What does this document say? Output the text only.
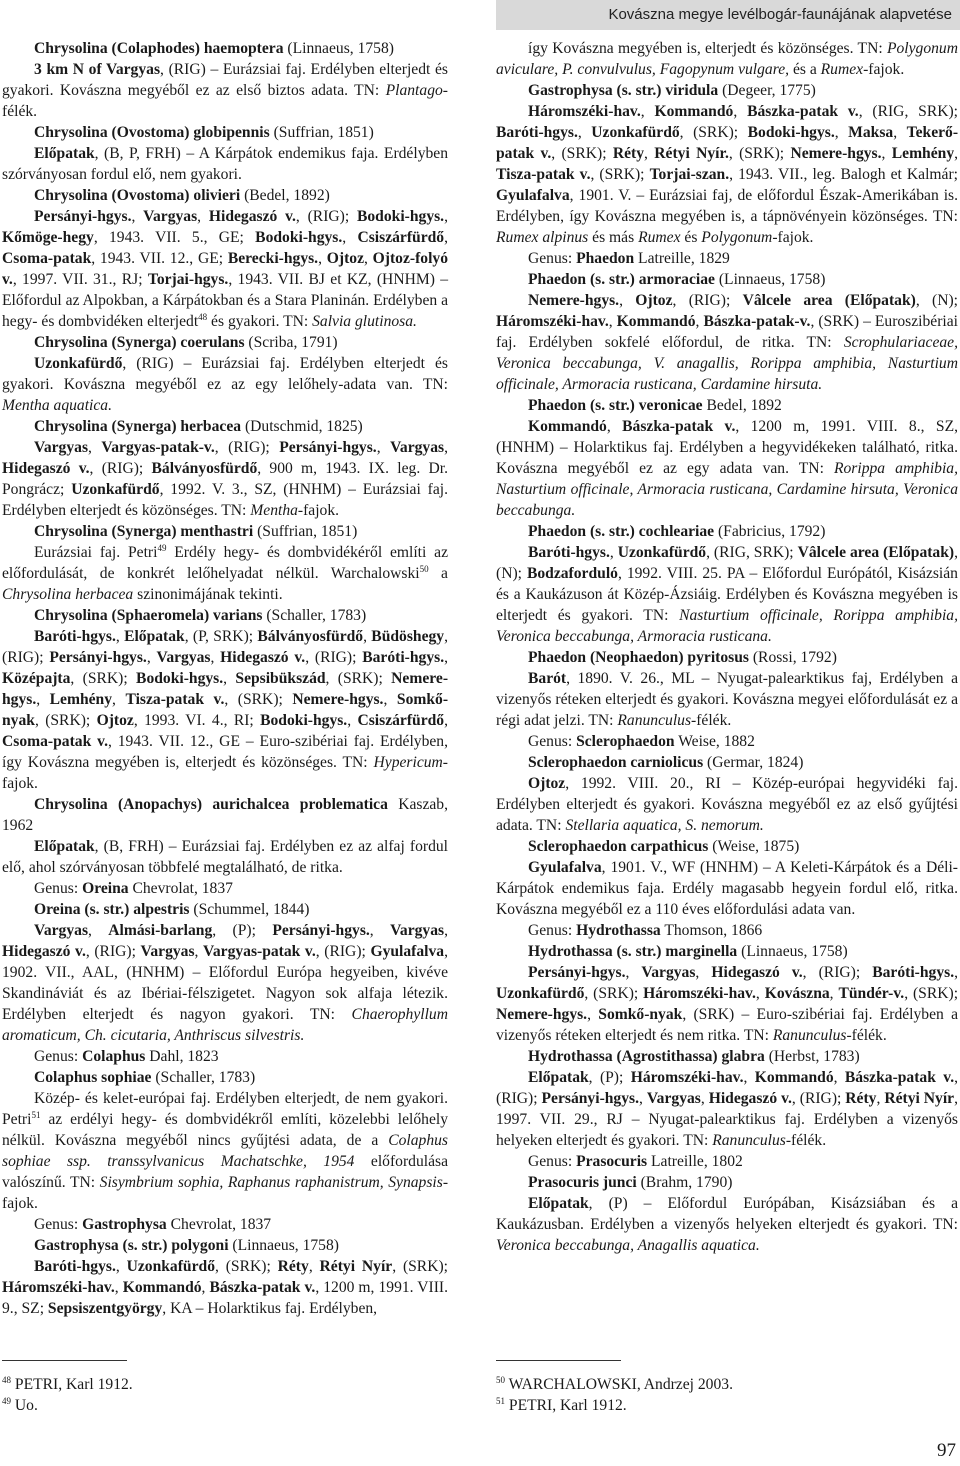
Kovászna megye levélbogár-faunájának alapvetése

Chrysolina (Colaphodes) haemoptera (Linnaeus, 1758)

3 km N of Vargyas, (RIG) – Eurázsiai faj. Erdélyben elterjedt és gyakori. Kovászna megyéből ez az első biztos adata. TN: Plantago-félék.

Chrysolina (Ovostoma) globipennis (Suffrian, 1851)

Előpatak, (B, P, FRH) – A Kárpátok endemikus faja. Erdélyben szórványosan fordul elő, nem gyakori.

Chrysolina (Ovostoma) olivieri (Bedel, 1892)

Persányi-hgys., Vargyas, Hidegaszó v., (RIG); Bodoki-hgys., Kőmöge-hegy, 1943. VII. 5., GE; Bodoki-hgys., Csiszárfürdő, Csoma-patak, 1943. VII. 12., GE; Berecki-hgys., Ojtoz, Ojtoz-folyó v., 1997. VII. 31., RJ; Torjai-hgys., 1943. VII. BJ et KZ, (HNHM) – Előfordul az Alpokban, a Kárpátokban és a Stara Planinán. Erdélyben a hegy- és dombvidéken elterjedt$^{48}$ és gyakori. TN: Salvia glutinosa.

Chrysolina (Synerga) coerulans (Scriba, 1791)

Uzonkafürdő, (RIG) – Eurázsiai faj. Erdélyben elterjedt és gyakori. Kovászna megyéből ez az egy lelőhely-adata van. TN: Mentha aquatica.

Chrysolina (Synerga) herbacea (Dutschmid, 1825)

Vargyas, Vargyas-patak-v., (RIG); Persányi-hgys., Vargyas, Hidegaszó v., (RIG); Bálványosfürdő, 900 m, 1943. IX. leg. Dr. Pongrácz; Uzonkafürdő, 1992. V. 3., SZ, (HNHM) – Eurázsiai faj. Erdélyben elterjedt és közönséges. TN: Mentha-fajok.

Chrysolina (Synerga) menthastri (Suffrian, 1851)

Eurázsiai faj. Petri$^{49}$ Erdély hegy- és dombvidékéről említi az előfordulását, de konkrét lelőhelyadat nélkül. Warchalowski$^{50}$ a Chrysolina herbacea szinonimájának tekinti.

Chrysolina (Sphaeromela) varians (Schaller, 1783)

Baróti-hgys., Előpatak, (P, SRK); Bálványosfürdő, Büdöshegy, (RIG); Persányi-hgys., Vargyas, Hidegaszó v., (RIG); Baróti-hgys., Középajta, (SRK); Bodoki-hgys., Sepsibükszád, (SRK); Nemere-hgys., Lemhény, Tisza-patak v., (SRK); Nemere-hgys., Somkő-nyak, (SRK); Ojtoz, 1993. VI. 4., RI; Bodoki-hgys., Csiszárfürdő, Csoma-patak v., 1943. VII. 12., GE – Euro-szibériai faj. Erdélyben, így Kovászna megyében is, elterjedt és közönséges. TN: Hypericum-fajok.

Chrysolina (Anopachys) aurichalcea problematica Kaszab, 1962

Előpatak, (B, FRH) – Eurázsiai faj. Erdélyben ez az alfaj fordul elő, ahol szórványosan többfelé megtalálható, de ritka.

Genus: Oreina Chevrolat, 1837

Oreina (s. str.) alpestris (Schummel, 1844)

Vargyas, Almási-barlang, (P); Persányi-hgys., Vargyas, Hidegaszó v., (RIG); Vargyas, Vargyas-patak v., (RIG); Gyulafalva, 1902. VII., AAL, (HNHM) – Előfordul Európa hegyeiben, kivéve Skandináviát és az Ibériai-félszigetet. Nagyon sok alfaja létezik. Erdélyben elterjedt és nagyon gyakori. TN: Chaerophyllum aromaticum, Ch. cicutaria, Anthriscus silvestris.

Genus: Colaphus Dahl, 1823

Colaphus sophiae (Schaller, 1783)

Közép- és kelet-európai faj. Erdélyben elterjedt, de nem gyakori. Petri$^{51}$ az erdélyi hegy- és dombvidékről említi, közelebbi lelőhely nélkül. Kovászna megyéből nincs gyűjtési adata, de a Colaphus sophiae ssp. transsylvanicus Machatschke, 1954 előfordulása valószínű. TN: Sisymbrium sophia, Raphanus raphanistrum, Synapsis-fajok.

Genus: Gastrophysa Chevrolat, 1837

Gastrophysa (s. str.) polygoni (Linnaeus, 1758)

Baróti-hgys., Uzonkafürdő, (SRK); Réty, Rétyi Nyír, (SRK); Háromszéki-hav., Kommandó, Bászka-patak v., 1200 m, 1991. VIII. 9., SZ; Sepsiszentgyörgy, KA – Holarktikus faj. Erdélyben,

így Kovászna megyében is, elterjedt és közönséges. TN: Polygonum aviculare, P. convulvulus, Fagopynum vulgare, és a Rumex-fajok.

Gastrophysa (s. str.) viridula (Degeer, 1775)

Háromszéki-hav., Kommandó, Bászka-patak v., (RIG, SRK); Baróti-hgys., Uzonkafürdő, (SRK); Bodoki-hgys., Maksa, Tekerő-patak v., (SRK); Réty, Rétyi Nyír., (SRK); Nemere-hgys., Lemhény, Tisza-patak v., (SRK); Torjai-szan., 1943. VII., leg. Balogh et Kalmár; Gyulafalva, 1901. V. – Eurázsiai faj, de előfordul Észak-Amerikában is. Erdélyben, így Kovászna megyében is, a tápnövényein közönséges. TN: Rumex alpinus és más Rumex és Polygonum-fajok.

Genus: Phaedon Latreille, 1829

Phaedon (s. str.) armoraciae (Linnaeus, 1758)

Nemere-hgys., Ojtoz, (RIG); Vâlcele area (Előpatak), (N); Háromszéki-hav., Kommandó, Bászka-patak-v., (SRK) – Euroszibériai faj. Erdélyben sokfelé előfordul, de ritka. TN: Scrophulariaceae, Veronica beccabunga, V. anagallis, Rorippa amphibia, Nasturtium officinale, Armoracia rusticana, Cardamine hirsuta.

Phaedon (s. str.) veronicae Bedel, 1892

Kommandó, Bászka-patak v., 1200 m, 1991. VIII. 8., SZ, (HNHM) – Holarktikus faj. Erdélyben a hegyvidékeken található, ritka. Kovászna megyéből ez az egy adata van. TN: Rorippa amphibia, Nasturtium officinale, Armoracia rusticana, Cardamine hirsuta, Veronica beccabunga.

Phaedon (s. str.) cochleariae (Fabricius, 1792)

Baróti-hgys., Uzonkafürdő, (RIG, SRK); Vâlcele area (Előpatak), (N); Bodzaforduló, 1992. VIII. 25. PA – Előfordul Európától, Kisázsián és a Kaukázuson át Közép-Ázsiáig. Erdélyben és Kovászna megyében is elterjedt és gyakori. TN: Nasturtium officinale, Rorippa amphibia, Veronica beccabunga, Armoracia rusticana.

Phaedon (Neophaedon) pyritosus (Rossi, 1792)

Barót, 1890. V. 26., ML – Nyugat-palearktikus faj, Erdélyben a vizenyős réteken elterjedt és gyakori. Kovászna megyei előfordulását ez a régi adat jelzi. TN: Ranunculus-félék.

Genus: Sclerophaedon Weise, 1882

Sclerophaedon carniolicus (Germar, 1824)

Ojtoz, 1992. VIII. 20., RI – Közép-európai hegyvidéki faj. Erdélyben elterjedt és gyakori. Kovászna megyéből ez az első gyűjtési adata. TN: Stellaria aquatica, S. nemorum.

Sclerophaedon carpathicus (Weise, 1875)

Gyulafalva, 1901. V., WF (HNHM) – A Keleti-Kárpátok és a Déli-Kárpátok endemikus faja. Erdély magasabb hegyein fordul elő, ritka. Kovászna megyéből ez a 110 éves előfordulási adata van.

Genus: Hydrothassa Thomson, 1866

Hydrothassa (s. str.) marginella (Linnaeus, 1758)

Persányi-hgys., Vargyas, Hidegaszó v., (RIG); Baróti-hgys., Uzonkafürdő, (SRK); Háromszéki-hav., Kovászna, Tündér-v., (SRK); Nemere-hgys., Somkő-nyak, (SRK) – Euro-szibériai faj. Erdélyben a vizenyős réteken elterjedt és nem ritka. TN: Ranunculus-félék.

Hydrothassa (Agrostithassa) glabra (Herbst, 1783)

Előpatak, (P); Háromszéki-hav., Kommandó, Bászka-patak v., (RIG); Persányi-hgys., Vargyas, Hidegaszó v., (RIG); Réty, Rétyi Nyír, 1997. VII. 29., RJ – Nyugat-palearktikus faj. Erdélyben a vizenyős helyeken elterjedt és gyakori. TN: Ranunculus-félék.

Genus: Prasocuris Latreille, 1802

Prasocuris junci (Brahm, 1790)

Előpatak, (P) – Előfordul Európában, Kisázsiában és a Kaukázusban. Erdélyben a vizenyős helyeken elterjedt és gyakori. TN: Veronica beccabunga, Anagallis aquatica.

$^{48}$ PETRI, Karl 1912.
$^{49}$ Uo.
$^{50}$ WARCHALOWSKI, Andrzej 2003.
$^{51}$ PETRI, Karl 1912.
97
